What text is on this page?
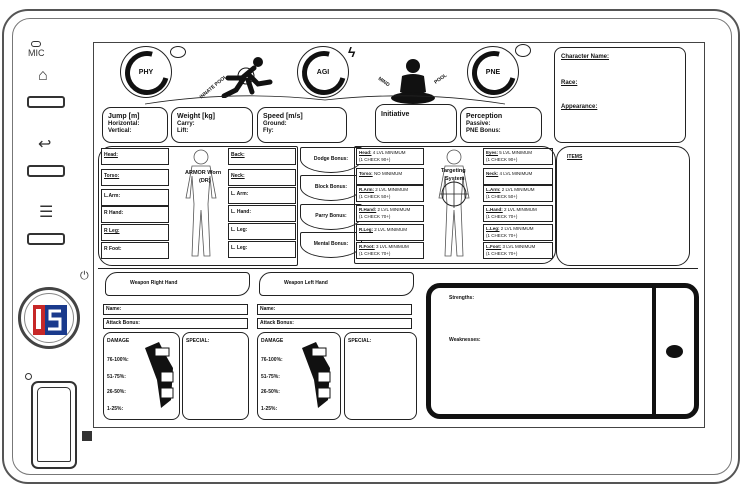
MIC
⌂
↩
☰
⏻
PHY	AGI	PNE
ϟ
INNATE POOL	MIND	POOL
Character Name:
Race:
Appearance:
Jump [m]
Horizontal:
Vertical:
Weight [kg]
Carry:
Lift:
Speed [m/s]
Ground:
Fly:
Initiative	Perception
Passive:
PNE Bonus:
Head:
Torso:
L.Arm:
R Hand:
R Leg:
R Foot:
ARMOR Worn
(DR)
Back:
Neck:
L. Arm:
L. Hand:
L. Leg:
L. Leg:
Dodge Bonus:
Block Bonus:
Parry Bonus:
Mental Bonus:
Head: 4 LVL MINIMUM
(1 CHECK 90+)
Torso: NO MINIMUM
R.Arm: 2 LVL MINIMUM
(1 CHECK 50+)
R.Hand: 2 LVL MINIMUM
(1 CHECK 70+)
R.Leg: 2 LVL MINIMUM
R.Foot: 3 LVL MINIMUM
(1 CHECK 70+)
Targeting
System
Eyes: 5 LVL MINIMUM
(1 CHECK 90+)
Neck: 4 LVL MINIMUM
L.Arm: 2 LVL MINIMUM
(1 CHECK 50+)
L.Hand: 2 LVL MINIMUM
(1 CHECK 70+)
L.Leg: 2 LVL MINIMUM
(1 CHECK 70+)
L.Foot: 3 LVL MINIMUM
(1 CHECK 70+)
ITEMS
Weapon Right Hand
Name:
Attack Bonus:
DAMAGE
76-100%:
51-75%:
26-50%:
1-25%:
SPECIAL:
Weapon Left Hand
Name:
Attack Bonus:
DAMAGE
76-100%:
51-75%:
26-50%:
1-25%:
SPECIAL:
Strengths:
Weaknesses:
